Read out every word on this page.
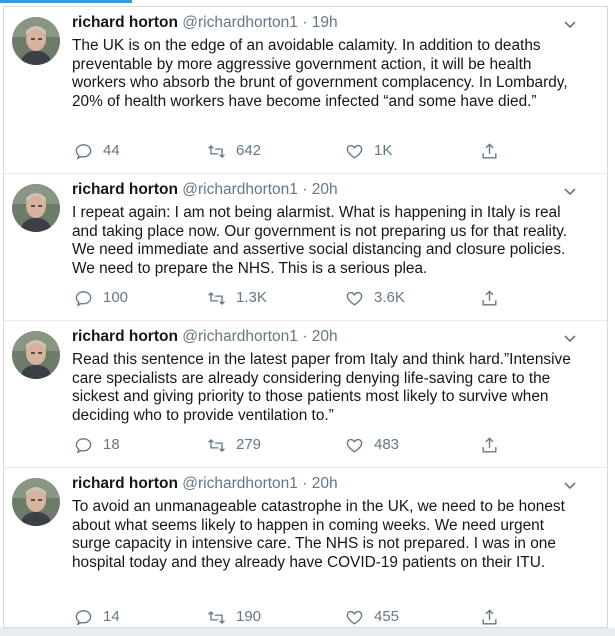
richard horton @richardhorton1 · 19h
The UK is on the edge of an avoidable calamity. In addition to deaths preventable by more aggressive government action, it will be health workers who absorb the brunt of government complacency. In Lombardy, 20% of health workers have become infected “and some have died.”
44	642	1K
richard horton @richardhorton1 · 20h
I repeat again: I am not being alarmist. What is happening in Italy is real and taking place now. Our government is not preparing us for that reality. We need immediate and assertive social distancing and closure policies. We need to prepare the NHS. This is a serious plea.
100	1.3K	3.6K
richard horton @richardhorton1 · 20h
Read this sentence in the latest paper from Italy and think hard.”Intensive care specialists are already considering denying life-saving care to the sickest and giving priority to those patients most likely to survive when deciding who to provide ventilation to.”
18	279	483
richard horton @richardhorton1 · 20h
To avoid an unmanageable catastrophe in the UK, we need to be honest about what seems likely to happen in coming weeks. We need urgent surge capacity in intensive care. The NHS is not prepared. I was in one hospital today and they already have COVID-19 patients on their ITU.
14	190	455
